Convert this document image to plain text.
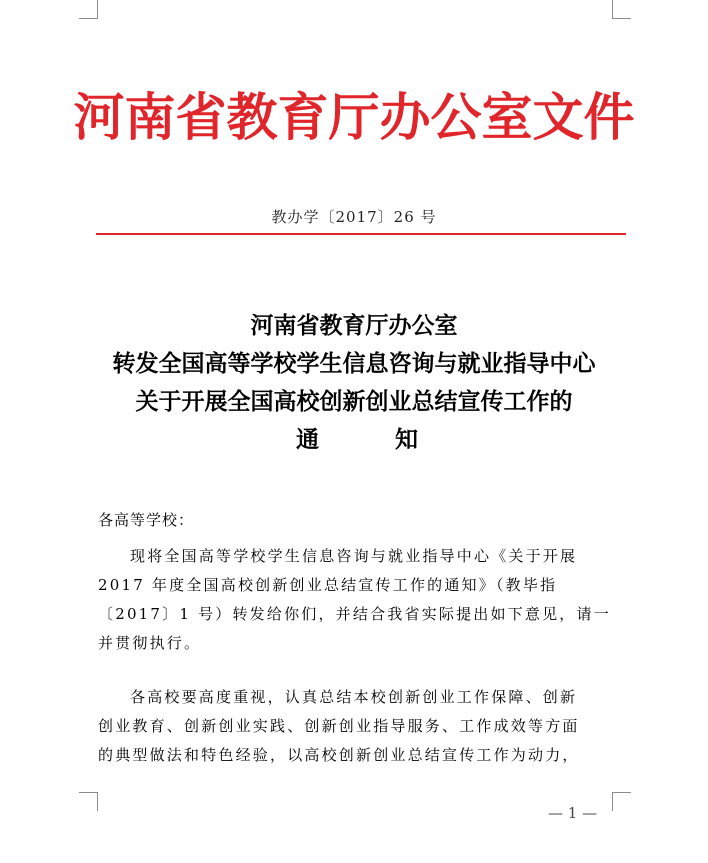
河南省教育厅办公室文件
教办学〔2017〕26 号
河南省教育厅办公室
转发全国高等学校学生信息咨询与就业指导中心
关于开展全国高校创新创业总结宣传工作的
通	知
各高等学校：
现将全国高等学校学生信息咨询与就业指导中心《关于开展
2017 年度全国高校创新创业总结宣传工作的通知》（教毕指
〔2017〕1 号）转发给你们，并结合我省实际提出如下意见，请一
并贯彻执行。
各高校要高度重视，认真总结本校创新创业工作保障、创新
创业教育、创新创业实践、创新创业指导服务、工作成效等方面
的典型做法和特色经验，以高校创新创业总结宣传工作为动力，
— 1 —
